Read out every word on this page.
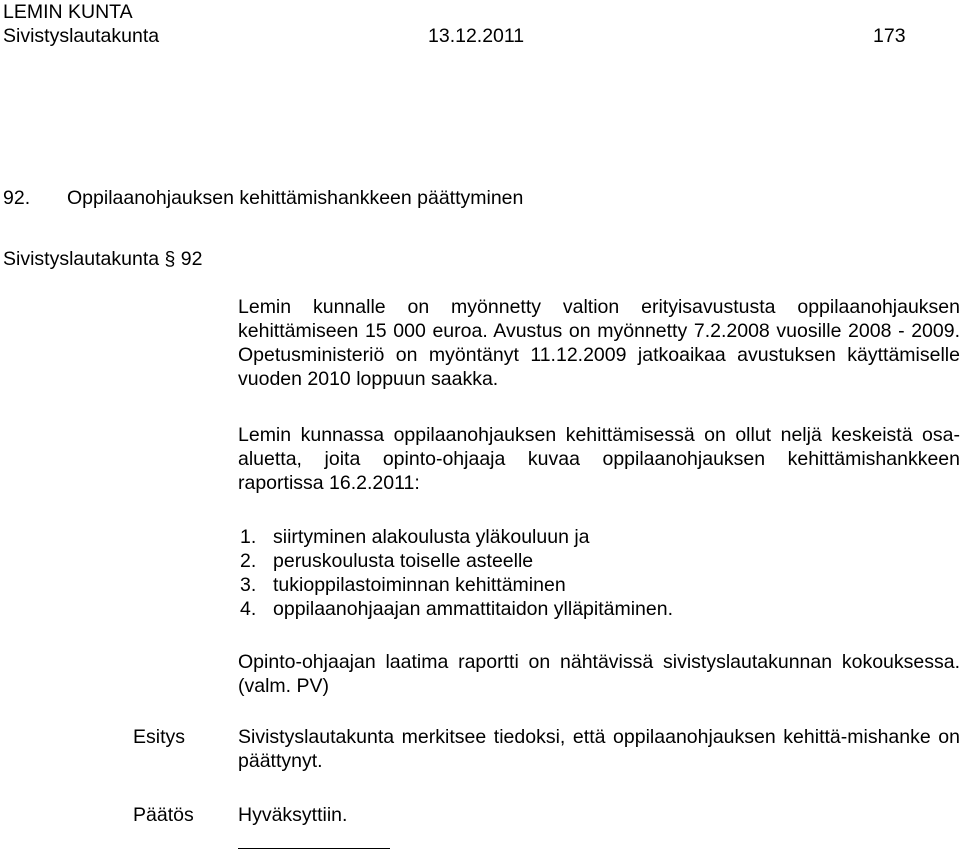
LEMIN KUNTA
Sivistyslautakunta	13.12.2011	173
92. Oppilaanohjauksen kehittämishankkeen päättyminen
Sivistyslautakunta § 92
Lemin kunnalle on myönnetty valtion erityisavustusta oppilaanohjauksen kehittämiseen 15 000 euroa. Avustus on myönnetty 7.2.2008 vuosille 2008 - 2009. Opetusministeriö on myöntänyt 11.12.2009 jatkoaikaa avustuksen käyttämiselle vuoden 2010 loppuun saakka.
Lemin kunnassa oppilaanohjauksen kehittämisessä on ollut neljä keskeistä osa-aluetta, joita opinto-ohjaaja kuvaa oppilaanohjauksen kehittämishankkeen raportissa 16.2.2011:
1. siirtyminen alakoulusta yläkouluun ja
2. peruskoulusta toiselle asteelle
3. tukioppilastoiminnan kehittäminen
4. oppilaanohjaajan ammattitaidon ylläpitäminen.
Opinto-ohjaajan laatima raportti on nähtävissä sivistyslautakunnan kokouksessa. (valm. PV)
Esitys	Sivistyslautakunta merkitsee tiedoksi, että oppilaanohjauksen kehittä-mishanke on päättynyt.
Päätös Hyväksyttiin.
